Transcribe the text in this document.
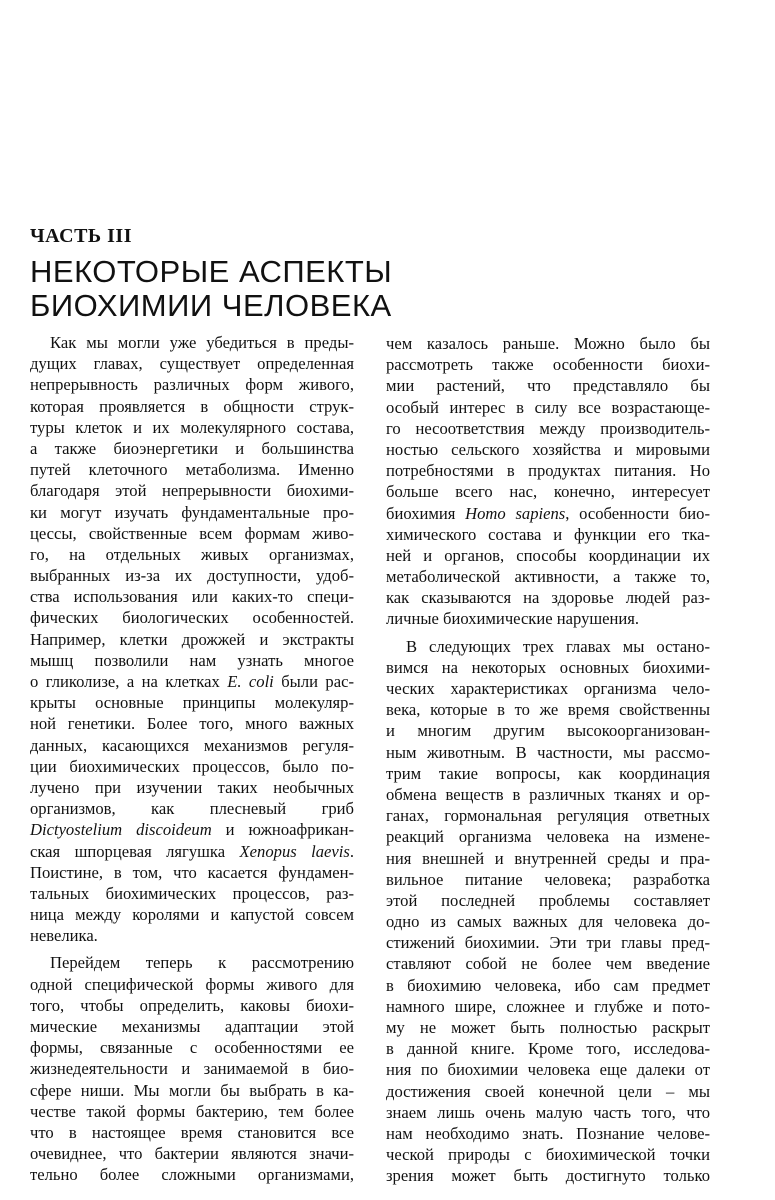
ЧАСТЬ III
НЕКОТОРЫЕ АСПЕКТЫ
БИОХИМИИ ЧЕЛОВЕКА
Как мы могли уже убедиться в преды-
дущих главах, существует определенная
непрерывность различных форм живого,
которая проявляется в общности струк-
туры клеток и их молекулярного состава,
а также биоэнергетики и большинства
путей клеточного метаболизма. Именно
благодаря этой непрерывности биохими-
ки могут изучать фундаментальные про-
цессы, свойственные всем формам живо-
го, на отдельных живых организмах,
выбранных из-за их доступности, удоб-
ства использования или каких-то специ-
фических биологических особенностей.
Например, клетки дрожжей и экстракты
мышц позволили нам узнать многое
о гликолизе, а на клетках E. coli были рас-
крыты основные принципы молекуляр-
ной генетики. Более того, много важных
данных, касающихся механизмов регуля-
ции биохимических процессов, было по-
лучено при изучении таких необычных
организмов, как плесневый гриб
Dictyostelium discoideum и южноафрикан-
ская шпорцевая лягушка Xenopus laevis.
Поистине, в том, что касается фундамен-
тальных биохимических процессов, раз-
ница между королями и капустой совсем
невелика.
Перейдем теперь к рассмотрению
одной специфической формы живого для
того, чтобы определить, каковы биохи-
мические механизмы адаптации этой
формы, связанные с особенностями ее
жизнедеятельности и занимаемой в био-
сфере ниши. Мы могли бы выбрать в ка-
честве такой формы бактерию, тем более
что в настоящее время становится все
очевиднее, что бактерии являются значи-
тельно более сложными организмами,
чем казалось раньше. Можно было бы
рассмотреть также особенности биохи-
мии растений, что представляло бы
особый интерес в силу все возрастающе-
го несоответствия между производитель-
ностью сельского хозяйства и мировыми
потребностями в продуктах питания. Но
больше всего нас, конечно, интересует
биохимия Homo sapiens, особенности био-
химического состава и функции его тка-
ней и органов, способы координации их
метаболической активности, а также то,
как сказываются на здоровье людей раз-
личные биохимические нарушения.
В следующих трех главах мы остано-
вимся на некоторых основных биохими-
ческих характеристиках организма чело-
века, которые в то же время свойственны
и многим другим высокоорганизован-
ным животным. В частности, мы рассмо-
трим такие вопросы, как координация
обмена веществ в различных тканях и ор-
ганах, гормональная регуляция ответных
реакций организма человека на измене-
ния внешней и внутренней среды и пра-
вильное питание человека; разработка
этой последней проблемы составляет
одно из самых важных для человека до-
стижений биохимии. Эти три главы пред-
ставляют собой не более чем введение
в биохимию человека, ибо сам предмет
намного шире, сложнее и глубже и пото-
му не может быть полностью раскрыт
в данной книге. Кроме того, исследова-
ния по биохимии человека еще далеки от
достижения своей конечной цели – мы
знаем лишь очень малую часть того, что
нам необходимо знать. Познание челове-
ческой природы с биохимической точки
зрения может быть достигнуто только
